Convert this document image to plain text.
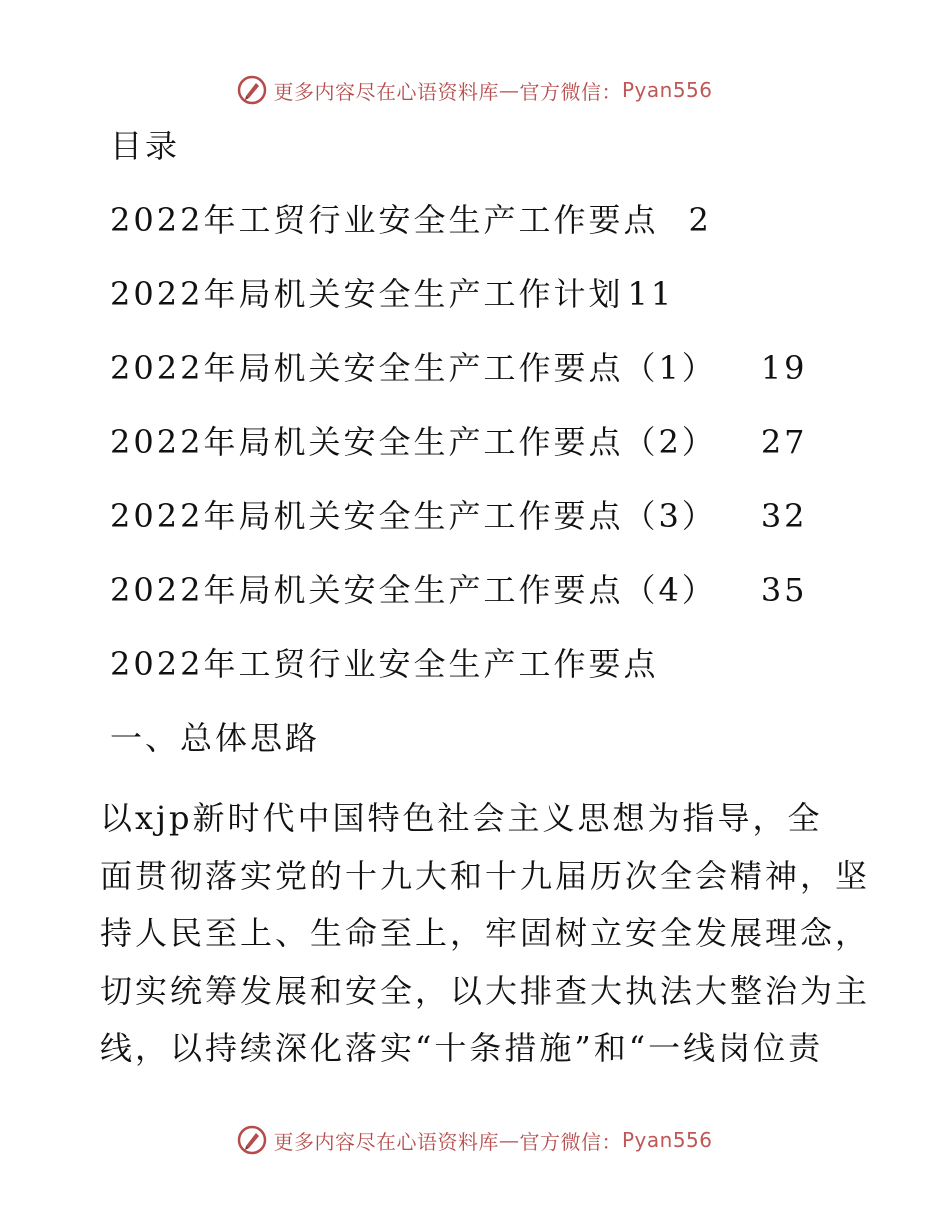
更多内容尽在心语资料库 — 官方微信： Pyan556
目录
2022年工贸行业安全生产工作要点 2
2022年局机关安全生产工作计划 11
2022年局机关安全生产工作要点（1） 19
2022年局机关安全生产工作要点（2） 27
2022年局机关安全生产工作要点（3） 32
2022年局机关安全生产工作要点（4） 35
2022年工贸行业安全生产工作要点
一、总体思路
以xjp新时代中国特色社会主义思想为指导，全
面贯彻落实党的十九大和十九届历次全会精神，坚
持人民至上、生命至上，牢固树立安全发展理念，
切实统筹发展和安全，以大排查大执法大整治为主
线，以持续深化落实“十条措施”和“一线岗位责
更多内容尽在心语资料库 — 官方微信： Pyan556
